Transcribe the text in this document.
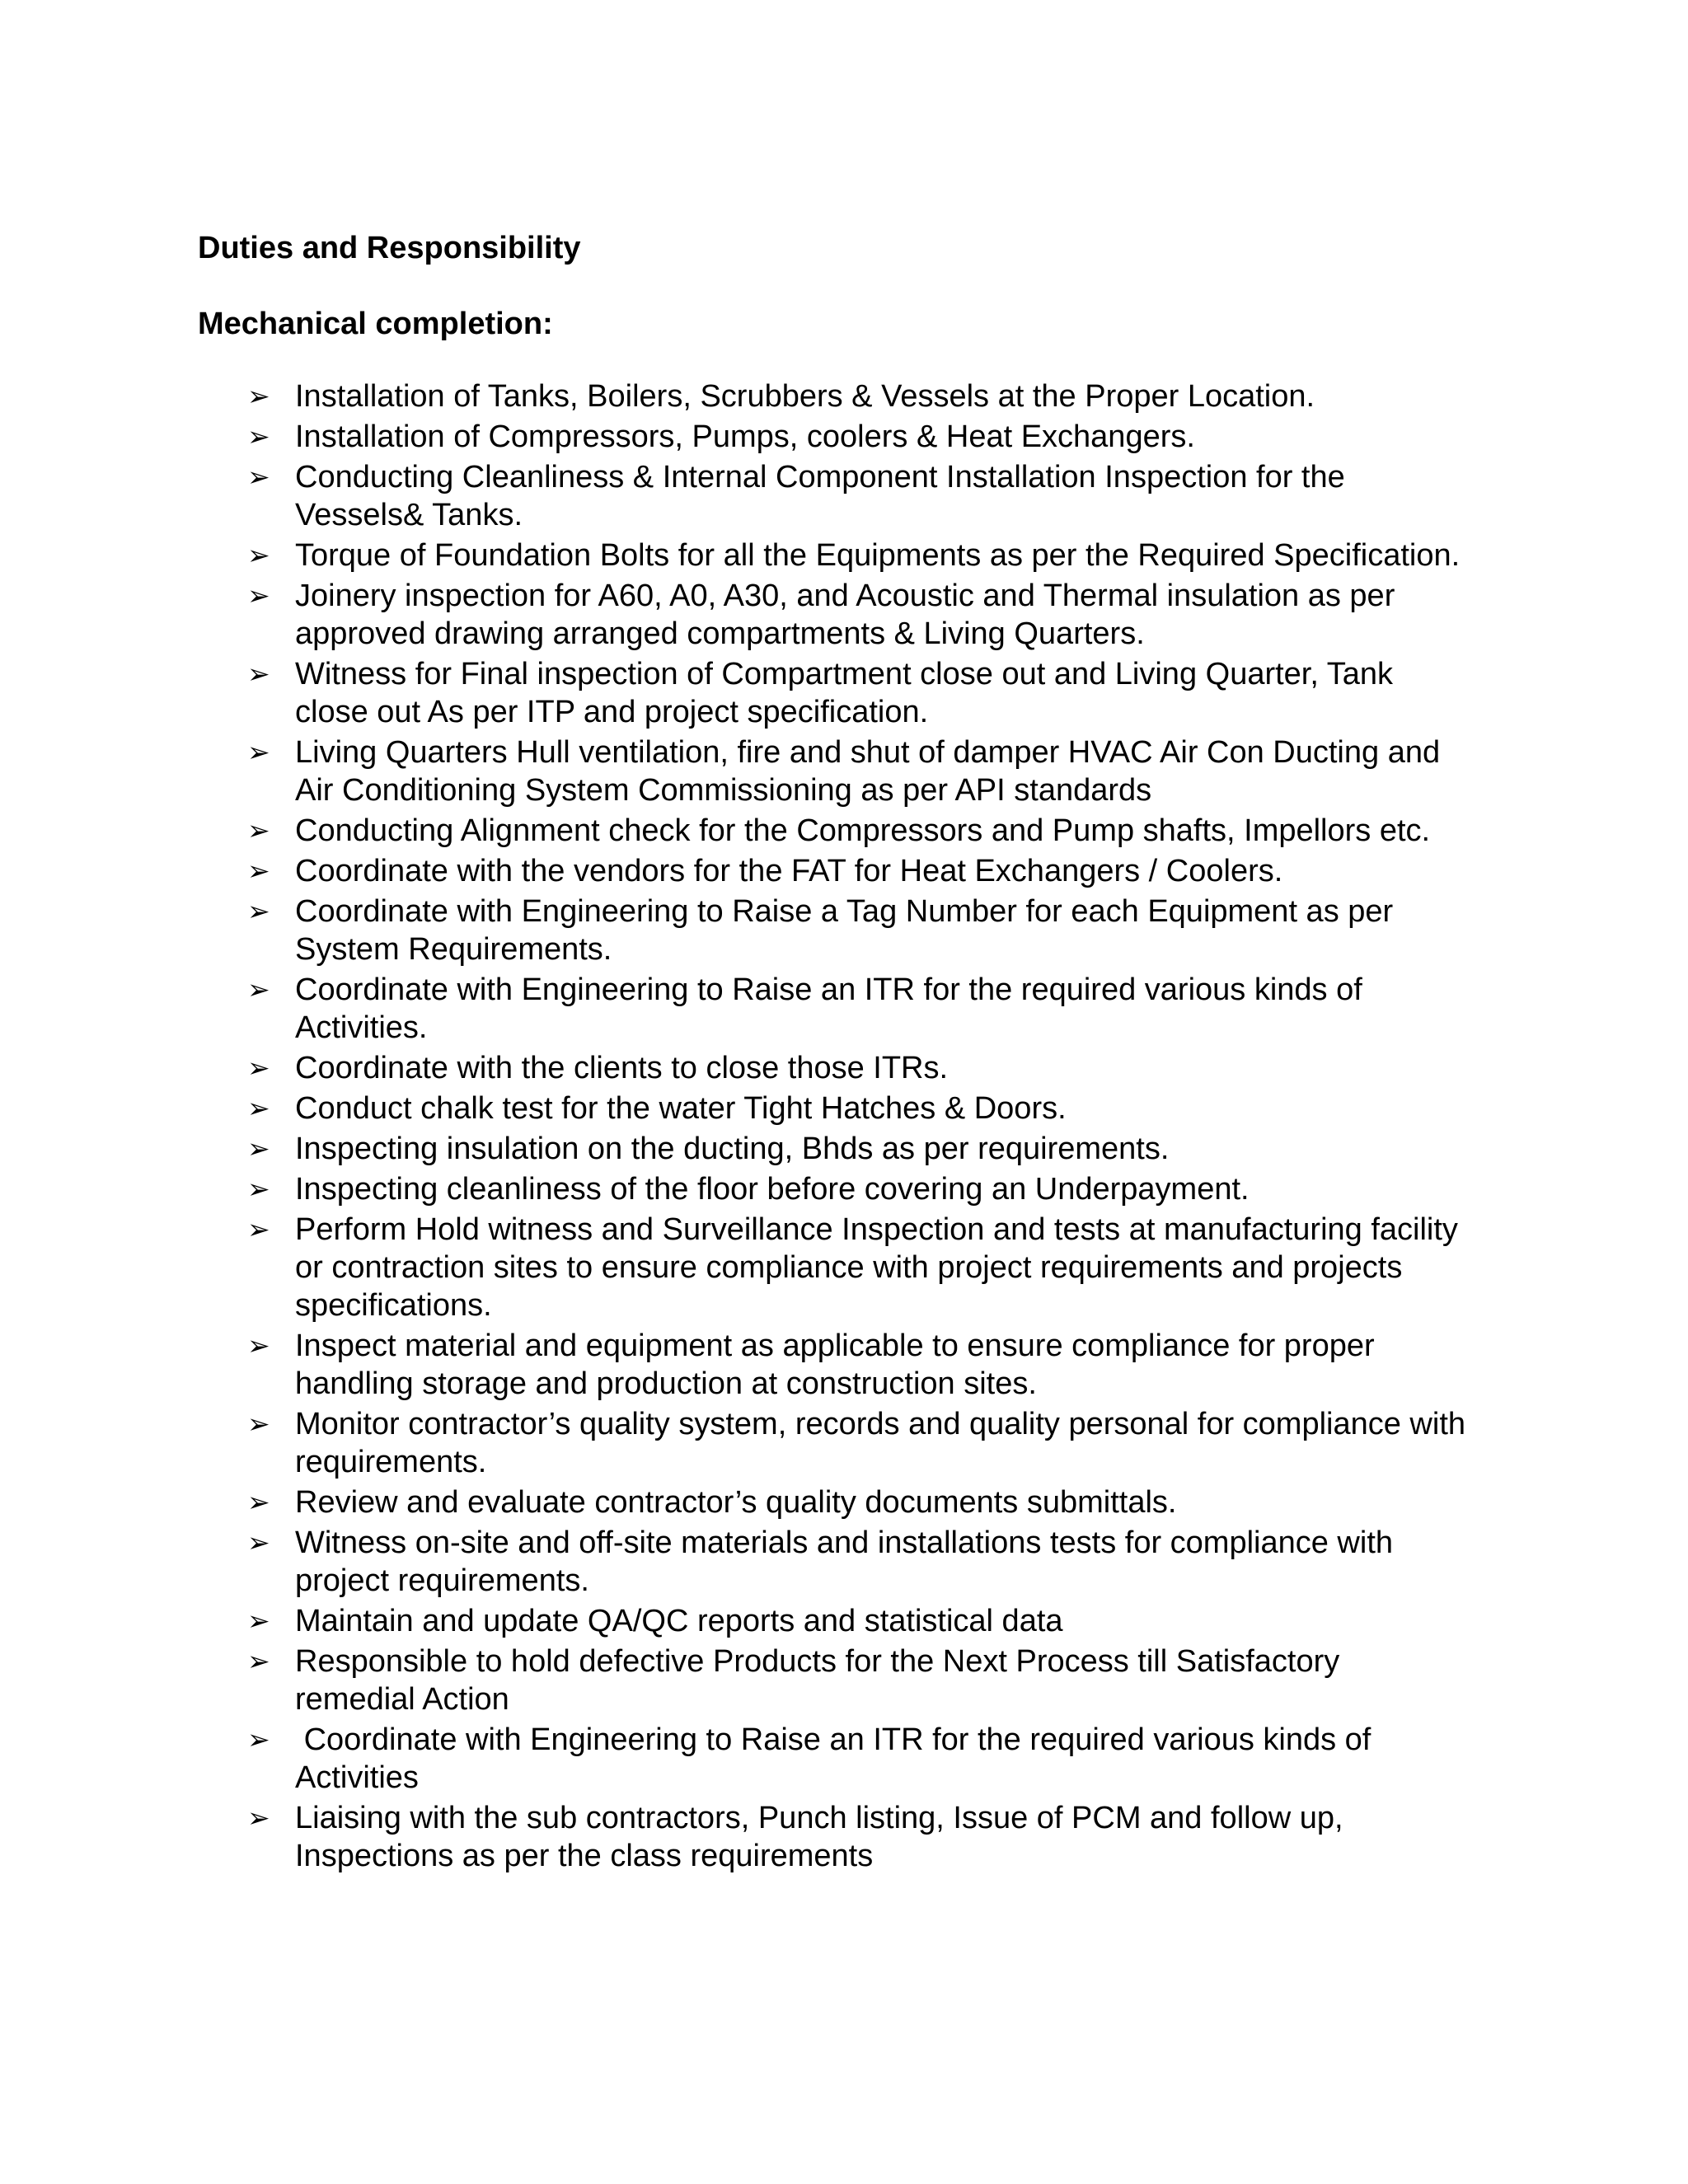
Duties and Responsibility
Mechanical completion:
➢ Installation of Tanks, Boilers, Scrubbers & Vessels at the Proper Location.
➢ Installation of Compressors, Pumps, coolers & Heat Exchangers.
➢ Conducting Cleanliness & Internal Component Installation Inspection for the Vessels& Tanks.
➢ Torque of Foundation Bolts for all the Equipments as per the Required Specification.
➢ Joinery inspection for A60, A0, A30, and Acoustic and Thermal insulation as per approved drawing arranged compartments & Living Quarters.
➢ Witness for Final inspection of Compartment close out and Living Quarter, Tank close out As per ITP and project specification.
➢ Living Quarters Hull ventilation, fire and shut of damper HVAC Air Con Ducting and Air Conditioning System Commissioning as per API standards
➢ Conducting Alignment check for the Compressors and Pump shafts, Impellors etc.
➢ Coordinate with the vendors for the FAT for Heat Exchangers / Coolers.
➢ Coordinate with Engineering to Raise a Tag Number for each Equipment as per System Requirements.
➢ Coordinate with Engineering to Raise an ITR for the required various kinds of Activities.
➢ Coordinate with the clients to close those ITRs.
➢ Conduct chalk test for the water Tight Hatches & Doors.
➢ Inspecting insulation on the ducting, Bhds as per requirements.
➢ Inspecting cleanliness of the floor before covering an Underpayment.
➢ Perform Hold witness and Surveillance Inspection and tests at manufacturing facility or contraction sites to ensure compliance with project requirements and projects specifications.
➢ Inspect material and equipment as applicable to ensure compliance for proper handling storage and production at construction sites.
➢ Monitor contractor’s quality system, records and quality personal for compliance with requirements.
➢ Review and evaluate contractor’s quality documents submittals.
➢ Witness on-site and off-site materials and installations tests for compliance with project requirements.
➢ Maintain and update QA/QC reports and statistical data
➢ Responsible to hold defective Products for the Next Process till Satisfactory remedial Action
➢ Coordinate with Engineering to Raise an ITR for the required various kinds of Activities
➢ Liaising with the sub contractors, Punch listing, Issue of PCM and follow up, Inspections as per the class requirements
